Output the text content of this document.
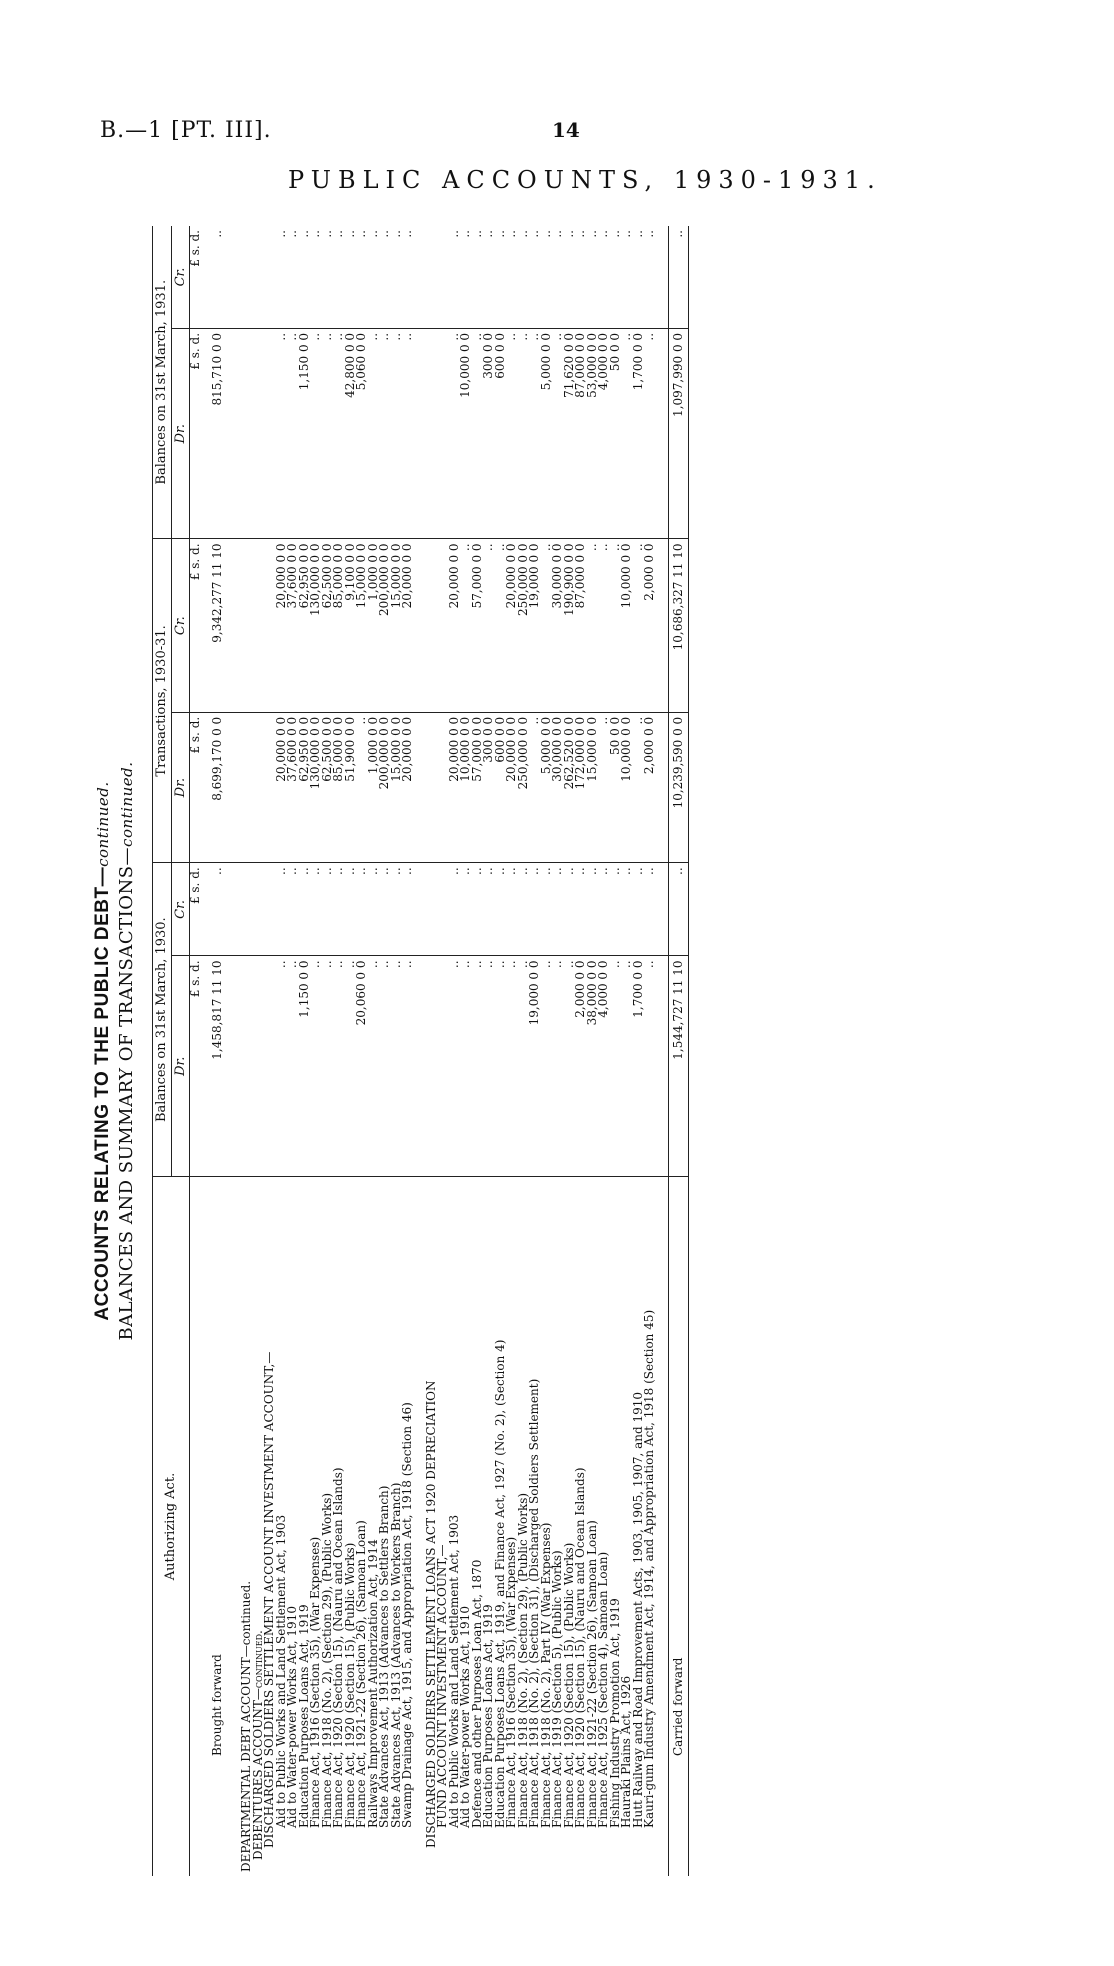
B.—1 [PT. III].	14
PUBLIC ACCOUNTS, 1930-1931.
ACCOUNTS RELATING TO THE PUBLIC DEBT—continued.
BALANCES AND SUMMARY OF TRANSACTIONS—continued.
Authorizing Act.	Balances on 31st March, 1930.		Transactions, 1930-31.		Balances on 31st March, 1931.	
	Dr.	Cr.	Dr.	Cr.	Dr.	Cr.
	£ s. d.	£ s. d.	£ s. d.	£ s. d.	£ s. d.	£ s. d.
Brought forward	1,458,817 11 10	..	8,699,170 0 0	9,342,277 11 10	815,710 0 0	..
DEPARTMENTAL DEBT ACCOUNT—continued.						
DEBENTURES ACCOUNT—continued.						
DISCHARGED SOLDIERS SETTLEMENT ACCOUNT INVESTMENT ACCOUNT,—						
Aid to Public Works and Land Settlement Act, 1903	..	..	20,000 0 0	20,000 0 0	..	..
Aid to Water-power Works Act, 1910	..	..	37,600 0 0	37,600 0 0	..	..
Education Purposes Loans Act, 1919	1,150 0 0	..	62,950 0 0	62,950 0 0	1,150 0 0	..
Finance Act, 1916 (Section 35), (War Expenses)	..	..	130,000 0 0	130,000 0 0	..	..
Finance Act, 1918 (No. 2), (Section 29), (Public Works)	..	..	62,500 0 0	62,500 0 0	..	..
Finance Act, 1920 (Section 15), (Nauru and Ocean Islands)	..	..	85,000 0 0	85,000 0 0	..	..
Finance Act, 1920 (Section 15), (Public Works)	..	..	51,900 0 0	9,100 0 0	42,800 0 0	..
Finance Act, 1921-22 (Section 26), (Samoan Loan)	20,060 0 0	..	..	15,000 0 0	5,060 0 0	..
Railways Improvement Authorization Act, 1914	..	..	1,000 0 0	1,000 0 0	..	..
State Advances Act, 1913 (Advances to Settlers Branch)	..	..	200,000 0 0	200,000 0 0	..	..
State Advances Act, 1913 (Advances to Workers Branch)	..	..	15,000 0 0	15,000 0 0	..	..
Swamp Drainage Act, 1915, and Appropriation Act, 1918 (Section 46)	..	..	20,000 0 0	20,000 0 0	..	..

DISCHARGED SOLDIERS SETTLEMENT LOANS ACT 1920 DEPRECIATION						
FUND ACCOUNT INVESTMENT ACCOUNT,—						
Aid to Public Works and Land Settlement Act, 1903	..	..	20,000 0 0	20,000 0 0	..	..
Aid to Water-power Works Act, 1910	..	..	10,000 0 0	..	10,000 0 0	..
Defence and other Purposes Loan Act, 1870	..	..	57,000 0 0	57,000 0 0	..	..
Education Purposes Loans Act, 1919	..	..	300 0 0	..	300 0 0	..
Education Purposes Loans Act, 1919, and Finance Act, 1927 (No. 2), (Section 4)	..	..	600 0 0	..	600 0 0	..
Finance Act, 1916 (Section 35), (War Expenses)	..	..	20,000 0 0	20,000 0 0	..	..
Finance Act, 1918 (No. 2), (Section 29), (Public Works)	..	..	250,000 0 0	250,000 0 0	..	..
Finance Act, 1918 (No. 2), (Section 31), (Discharged Soldiers Settlement)	19,000 0 0	..	..	19,000 0 0	..	..
Finance Act, 1918 (No. 2), Part IV (War Expenses)	..	..	5,000 0 0	..	5,000 0 0	..
Finance Act, 1919 (Section 5), (Public Works)	..	..	30,000 0 0	30,000 0 0	..	..
Finance Act, 1920 (Section 15), (Public Works)	..	..	262,520 0 0	190,900 0 0	71,620 0 0	..
Finance Act, 1920 (Section 15), (Nauru and Ocean Islands)	2,000 0 0	..	172,000 0 0	87,000 0 0	87,000 0 0	..
Finance Act, 1921-22 (Section 26), (Samoan Loan)	38,000 0 0	..	15,000 0 0	..	53,000 0 0	..
Finance Act, 1925 (Section 4), Samoan Loan)	4,000 0 0	..	..	..	4,000 0 0	..
Fishing Industry Promotion Act, 1919	..	..	50 0 0	..	50 0 0	..
Hauraki Plains Act, 1926	..	..	10,000 0 0	10,000 0 0	..	..
Hutt Railway and Road Improvement Acts, 1903, 1905, 1907, and 1910	1,700 0 0	..	..	..	1,700 0 0	..
Kauri-gum Industry Amendment Act, 1914, and Appropriation Act, 1918 (Section 45)	..	..	2,000 0 0	2,000 0 0	..	..

Carried forward	1,544,727 11 10	..	10,239,590 0 0	10,686,327 11 10	1,097,990 0 0	..
